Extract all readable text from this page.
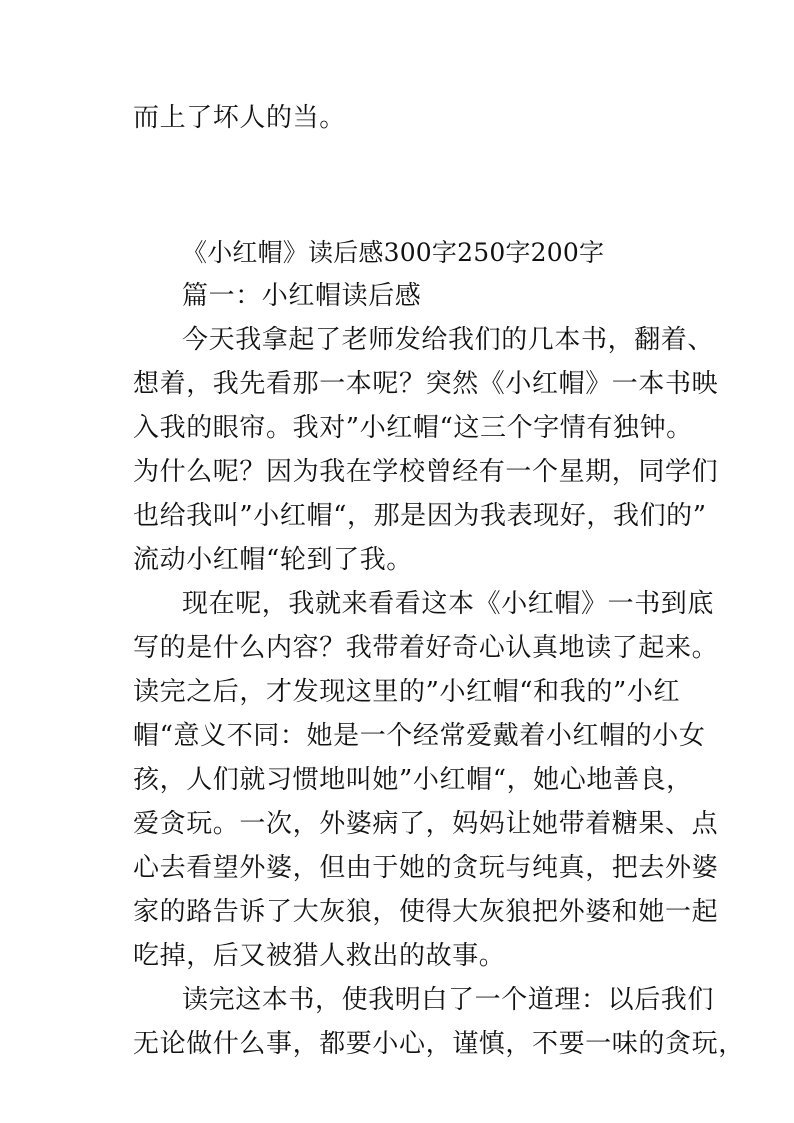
而上了坏人的当。
《小红帽》读后感300字250字200字
篇一：小红帽读后感
今天我拿起了老师发给我们的几本书，翻着、
想着，我先看那一本呢？突然《小红帽》一本书映
入我的眼帘。我对”小红帽“这三个字情有独钟。
为什么呢？因为我在学校曾经有一个星期，同学们
也给我叫”小红帽“，那是因为我表现好，我们的”
流动小红帽“轮到了我。
现在呢，我就来看看这本《小红帽》一书到底
写的是什么内容？我带着好奇心认真地读了起来。
读完之后，才发现这里的”小红帽“和我的”小红
帽“意义不同：她是一个经常爱戴着小红帽的小女
孩，人们就习惯地叫她”小红帽“，她心地善良，
爱贪玩。一次，外婆病了，妈妈让她带着糖果、点
心去看望外婆，但由于她的贪玩与纯真，把去外婆
家的路告诉了大灰狼，使得大灰狼把外婆和她一起
吃掉，后又被猎人救出的故事。
读完这本书，使我明白了一个道理：以后我们
无论做什么事，都要小心，谨慎，不要一味的贪玩，
